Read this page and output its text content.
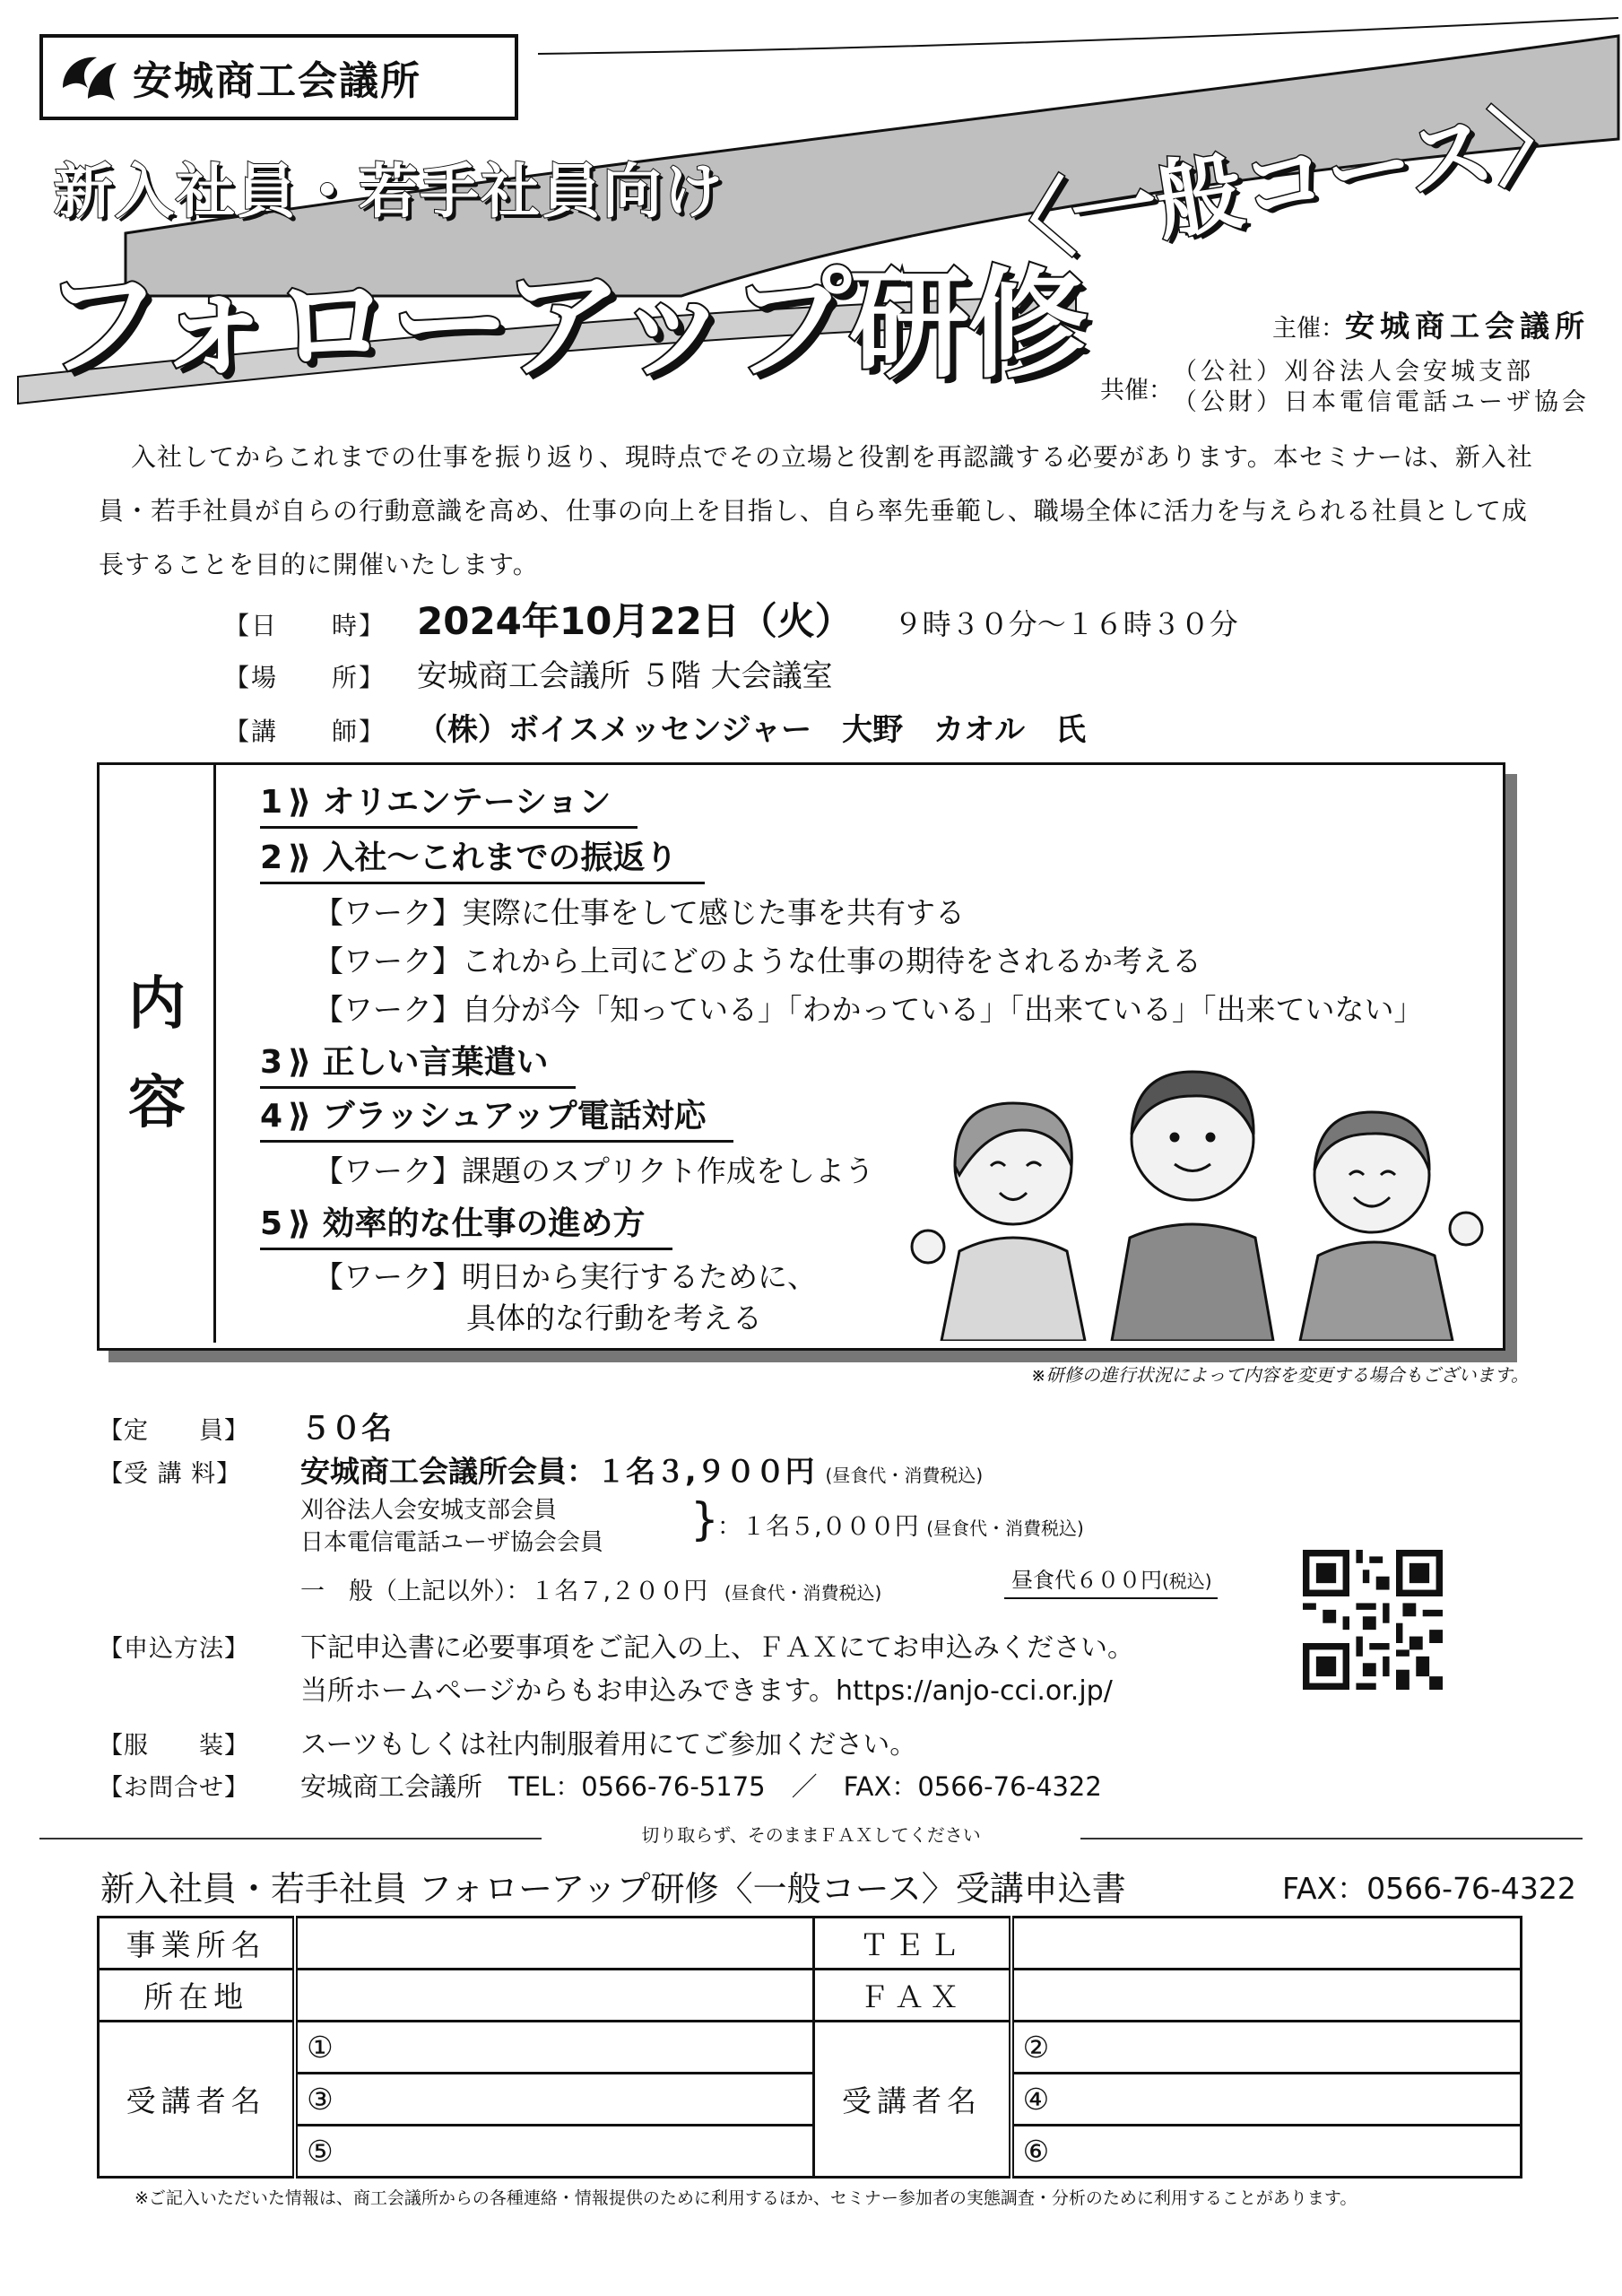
安城商工会議所
新入社員・若手社員向け
フォローアップ研修
〈一般コース〉
主催：安城商工会議所
共催：
（公社）刈谷法人会安城支部
（公財）日本電信電話ユーザ協会
入社してからこれまでの仕事を振り返り、現時点でその立場と役割を再認識する必要があります。本セミナーは、新入社員・若手社員が自らの行動意識を高め、仕事の向上を目指し、自ら率先垂範し、職場全体に活力を与えられる社員として成長することを目的に開催いたします。
【日　　時】 2024年10月22日（火） ９時３０分～１６時３０分
【場　　所】	安城商工会議所 ５階 大会議室
【講　　師】	（株）ボイスメッセンジャー　大野　カオル　氏
内
容
1 ⟫ オリエンテーション
2 ⟫ 入社～これまでの振返り
【ワーク】実際に仕事をして感じた事を共有する
【ワーク】これから上司にどのような仕事の期待をされるか考える
【ワーク】自分が今「知っている」「わかっている」「出来ている」「出来ていない」
3 ⟫ 正しい言葉遣い
4 ⟫ ブラッシュアップ電話対応
【ワーク】課題のスプリクト作成をしよう
5 ⟫ 効率的な仕事の進め方
【ワーク】明日から実行するために、
具体的な行動を考える
※研修の進行状況によって内容を変更する場合もございます。
【定　　員】	５０名
【受 講 料】	安城商工会議所会員：１名３,９００円 (昼食代・消費税込)
刈谷法人会安城支部会員
日本電信電話ユーザ協会会員 }
：１名５,０００円 (昼食代・消費税込)
一　般（上記以外）：１名７,２００円 (昼食代・消費税込)	昼食代６００円(税込)
【申込方法】	下記申込書に必要事項をご記入の上、ＦＡＸにてお申込みください。
当所ホームページからもお申込みできます。https://anjo-cci.or.jp/
【服　　装】	スーツもしくは社内制服着用にてご参加ください。
【お問合せ】	安城商工会議所　TEL：0566-76-5175　／　FAX：0566-76-4322
切り取らず、そのままＦＡＸしてください
新入社員・若手社員 フォローアップ研修〈一般コース〉受講申込書	FAX：0566-76-4322
事業所名		ＴＥＬ	
所在地		ＦＡＸ	
受講者名	①	受講者名	②
	③		④
	⑤		⑥
※ご記入いただいた情報は、商工会議所からの各種連絡・情報提供のために利用するほか、セミナー参加者の実態調査・分析のために利用することがあります。
